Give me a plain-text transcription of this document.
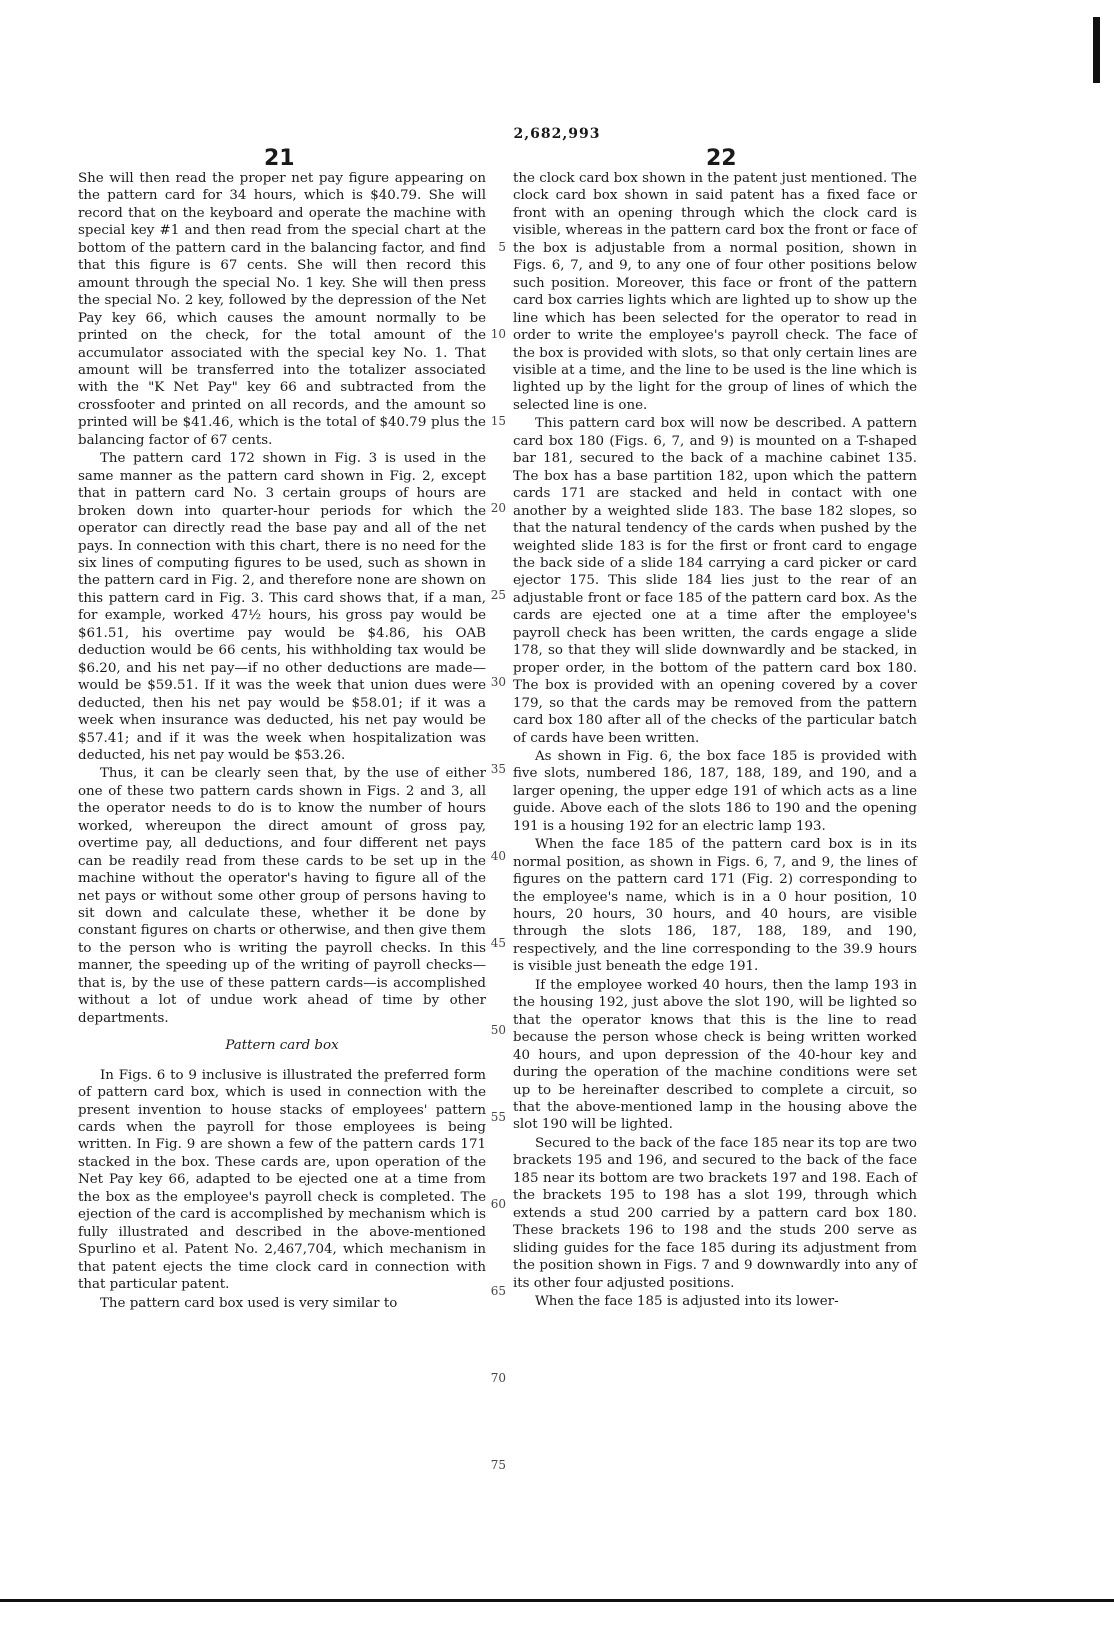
2,682,993
21	22

She will then read the proper net pay figure appearing on the pattern card for 34 hours, which is $40.79. She will record that on the keyboard and operate the machine with special key #1 and then read from the special chart at the bottom of the pattern card in the balancing factor, and find that this figure is 67 cents. She will then record this amount through the special No. 1 key. She will then press the special No. 2 key, followed by the depression of the Net Pay key 66, which causes the amount normally to be printed on the check, for the total amount of the accumulator associated with the special key No. 1. That amount will be transferred into the totalizer associated with the "K Net Pay" key 66 and subtracted from the crossfooter and printed on all records, and the amount so printed will be $41.46, which is the total of $40.79 plus the balancing factor of 67 cents.

The pattern card 172 shown in Fig. 3 is used in the same manner as the pattern card shown in Fig. 2, except that in pattern card No. 3 certain groups of hours are broken down into quarter-hour periods for which the operator can directly read the base pay and all of the net pays. In connection with this chart, there is no need for the six lines of computing figures to be used, such as shown in the pattern card in Fig. 2, and therefore none are shown on this pattern card in Fig. 3. This card shows that, if a man, for example, worked 47½ hours, his gross pay would be $61.51, his overtime pay would be $4.86, his OAB deduction would be 66 cents, his withholding tax would be $6.20, and his net pay—if no other deductions are made—would be $59.51. If it was the week that union dues were deducted, then his net pay would be $58.01; if it was a week when insurance was deducted, his net pay would be $57.41; and if it was the week when hospitalization was deducted, his net pay would be $53.26.

Thus, it can be clearly seen that, by the use of either one of these two pattern cards shown in Figs. 2 and 3, all the operator needs to do is to know the number of hours worked, whereupon the direct amount of gross pay, overtime pay, all deductions, and four different net pays can be readily read from these cards to be set up in the machine without the operator's having to figure all of the net pays or without some other group of persons having to sit down and calculate these, whether it be done by constant figures on charts or otherwise, and then give them to the person who is writing the payroll checks. In this manner, the speeding up of the writing of payroll checks—that is, by the use of these pattern cards—is accomplished without a lot of undue work ahead of time by other departments.

Pattern card box

In Figs. 6 to 9 inclusive is illustrated the preferred form of pattern card box, which is used in connection with the present invention to house stacks of employees' pattern cards when the payroll for those employees is being written. In Fig. 9 are shown a few of the pattern cards 171 stacked in the box. These cards are, upon operation of the Net Pay key 66, adapted to be ejected one at a time from the box as the employee's payroll check is completed. The ejection of the card is accomplished by mechanism which is fully illustrated and described in the above-mentioned Spurlino et al. Patent No. 2,467,704, which mechanism in that patent ejects the time clock card in connection with that particular patent.

The pattern card box used is very similar to

5
10
15
20
25
30
35
40
45
50
55
60
65
70
75

the clock card box shown in the patent just mentioned. The clock card box shown in said patent has a fixed face or front with an opening through which the clock card is visible, whereas in the pattern card box the front or face of the box is adjustable from a normal position, shown in Figs. 6, 7, and 9, to any one of four other positions below such position. Moreover, this face or front of the pattern card box carries lights which are lighted up to show up the line which has been selected for the operator to read in order to write the employee's payroll check. The face of the box is provided with slots, so that only certain lines are visible at a time, and the line to be used is the line which is lighted up by the light for the group of lines of which the selected line is one.

This pattern card box will now be described. A pattern card box 180 (Figs. 6, 7, and 9) is mounted on a T-shaped bar 181, secured to the back of a machine cabinet 135. The box has a base partition 182, upon which the pattern cards 171 are stacked and held in contact with one another by a weighted slide 183. The base 182 slopes, so that the natural tendency of the cards when pushed by the weighted slide 183 is for the first or front card to engage the back side of a slide 184 carrying a card picker or card ejector 175. This slide 184 lies just to the rear of an adjustable front or face 185 of the pattern card box. As the cards are ejected one at a time after the employee's payroll check has been written, the cards engage a slide 178, so that they will slide downwardly and be stacked, in proper order, in the bottom of the pattern card box 180. The box is provided with an opening covered by a cover 179, so that the cards may be removed from the pattern card box 180 after all of the checks of the particular batch of cards have been written.

As shown in Fig. 6, the box face 185 is provided with five slots, numbered 186, 187, 188, 189, and 190, and a larger opening, the upper edge 191 of which acts as a line guide. Above each of the slots 186 to 190 and the opening 191 is a housing 192 for an electric lamp 193.

When the face 185 of the pattern card box is in its normal position, as shown in Figs. 6, 7, and 9, the lines of figures on the pattern card 171 (Fig. 2) corresponding to the employee's name, which is in a 0 hour position, 10 hours, 20 hours, 30 hours, and 40 hours, are visible through the slots 186, 187, 188, 189, and 190, respectively, and the line corresponding to the 39.9 hours is visible just beneath the edge 191.

If the employee worked 40 hours, then the lamp 193 in the housing 192, just above the slot 190, will be lighted so that the operator knows that this is the line to read because the person whose check is being written worked 40 hours, and upon depression of the 40-hour key and during the operation of the machine conditions were set up to be hereinafter described to complete a circuit, so that the above-mentioned lamp in the housing above the slot 190 will be lighted.

Secured to the back of the face 185 near its top are two brackets 195 and 196, and secured to the back of the face 185 near its bottom are two brackets 197 and 198. Each of the brackets 195 to 198 has a slot 199, through which extends a stud 200 carried by a pattern card box 180. These brackets 196 to 198 and the studs 200 serve as sliding guides for the face 185 during its adjustment from the position shown in Figs. 7 and 9 downwardly into any of its other four adjusted positions.

When the face 185 is adjusted into its lower-
